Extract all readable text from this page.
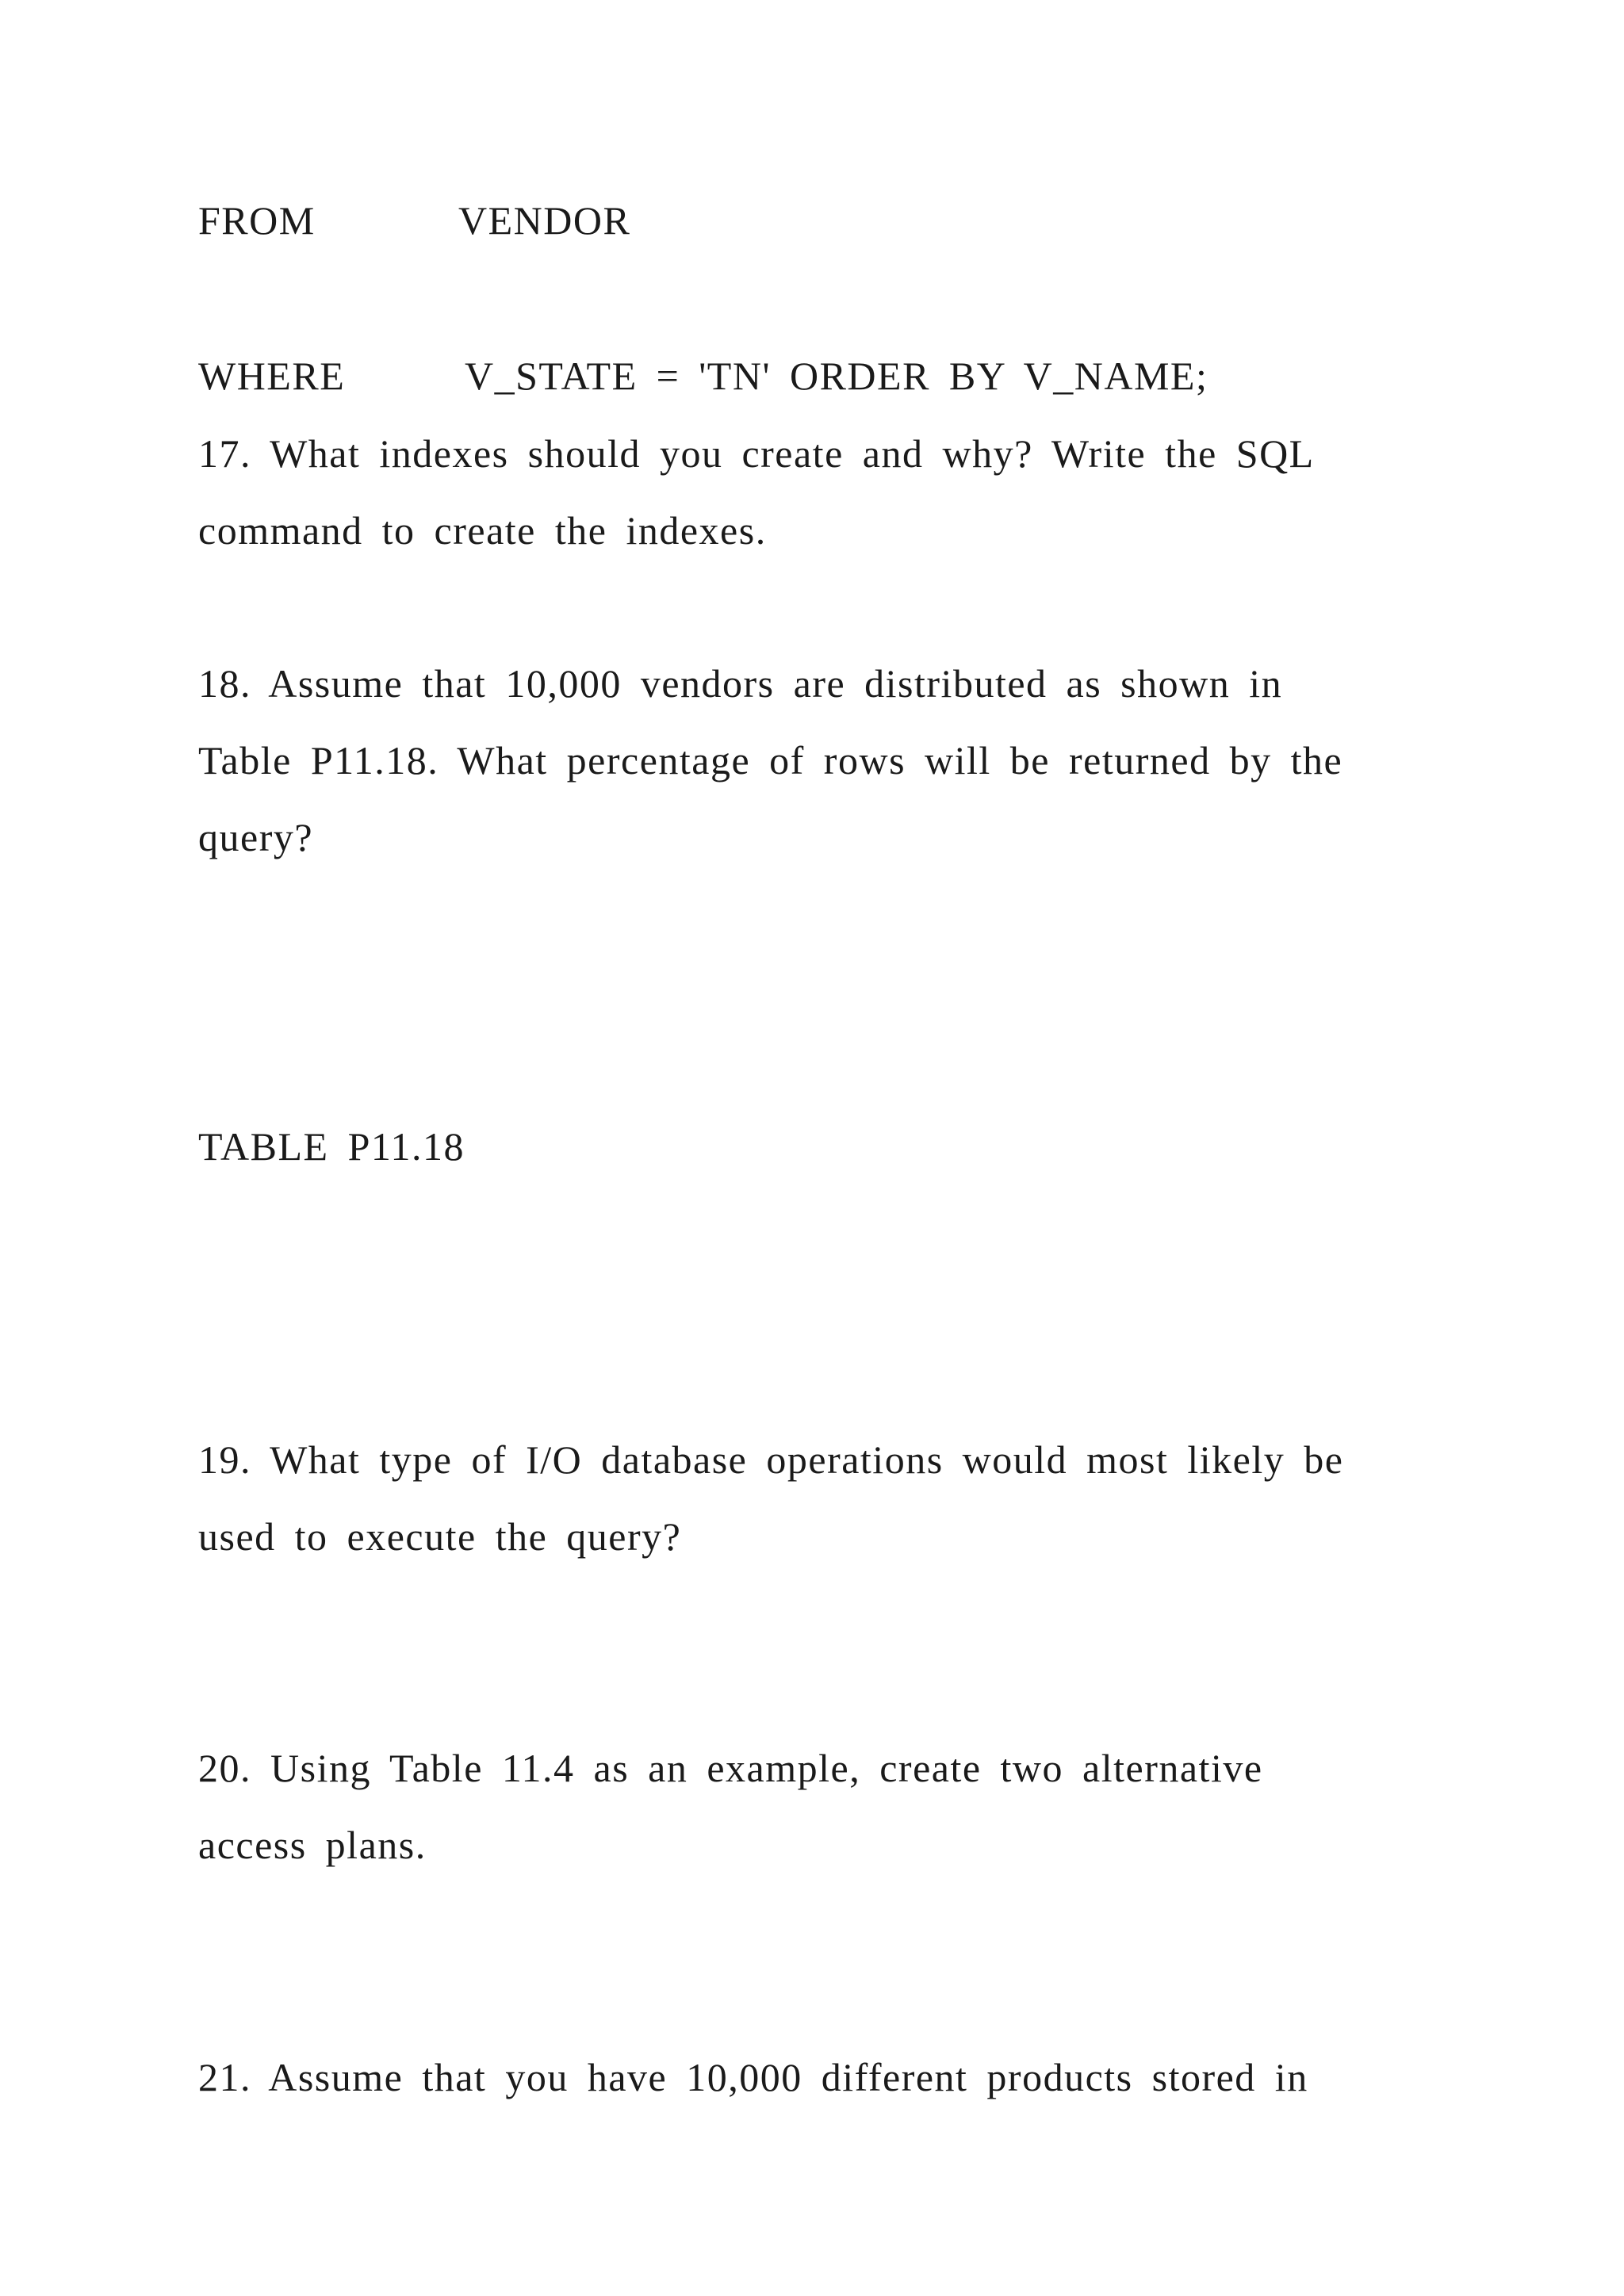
FROM	VENDOR
WHERE	V_STATE = 'TN' ORDER BY V_NAME;
17. What indexes should you create and why? Write the SQL
command to create the indexes.
18. Assume that 10,000 vendors are distributed as shown in
Table P11.18. What percentage of rows will be returned by the
query?
TABLE P11.18
19. What type of I/O database operations would most likely be
used to execute the query?
20. Using Table 11.4 as an example, create two alternative
access plans.
21. Assume that you have 10,000 different products stored in
